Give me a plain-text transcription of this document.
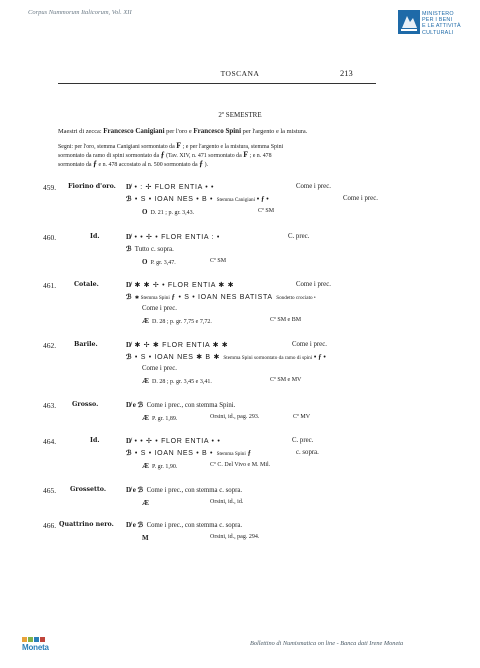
Corpus Nummorum Italicorum, Vol. XII	MINISTERO
PER I BENI
E LE ATTIVITÀ
CULTURALI
TOSCANA	213
2º SEMESTRE
Maestri di zecca: Francesco Canigiani per l'oro e Francesco Spini per l'argento e la mistura.
Segni: per l'oro, stemma Canigiani sormontato da F ; e per l'argento e la mistura, stemma Spini
sormontato da ramo di spini sormontato da ƒ (Tav. XIV, n. 471 sormontato da F ; e n. 478
sormontato da ƒ e n. 478 accostato al n. 500 sormontato da ƒ ).
459. Fiorino d'oro. D̸ • : ✢ FLOR ENTIA • •	Come i prec.
ℬ • S • IOAN NES • B • Stemma Canigiani • ƒ •	Come i prec.
O D. 21 ; p. gr. 3,43.	Cº SM
460.	Id.	D̸ • • ✢ • FLOR ENTIA : •	C. prec.
ℬ Tutto c. sopra.
O P. gr. 3,47.	Cº SM
461.	Cotale.	D̸ ✱ ✱ ✢ • FLOR ENTIA ✱ ✱	Come i prec.
ℬ ✱ Stemma Spini ƒ • S • IOAN NES BATISTA Sondetto crociato •
Come i prec.
Æ D. 28 ; p. gr. 7,75 e 7,72.	Cº SM e BM
462.	Barile.	D̸ ✱ ✢ ✱ FLOR ENTIA ✱ ✱	Come i prec.
ℬ • S • IOAN NES ✱ B ✱ Stemma Spini sormontato da ramo di spini • ƒ •
Come i prec.
Æ D. 28 ; p. gr. 3,45 e 3,41.	Cº SM e MV
463.	Grosso.	D̸ e ℬ Come i prec., con stemma Spini.
Æ P. gr. 1,89.	Orsini, id., pag. 293.	Cº MV
464.	Id.	D̸ • • ✢ • FLOR ENTIA • •	C. prec.
ℬ • S • IOAN NES • B • Stemma Spini ƒ	c. sopra.
Æ P. gr. 1,90.	Cº C. Del Vivo e M. Mil.
465. Grossetto.	D̸ e ℬ Come i prec., con stemma c. sopra.
Æ	Orsini, id., id.
466. Quattrino nero. D̸ e ℬ Come i prec., con stemma c. sopra.
M	Orsini, id., pag. 294.
Moneta	Bollettino di Numismatica on line - Banca dati Irene Moneta
